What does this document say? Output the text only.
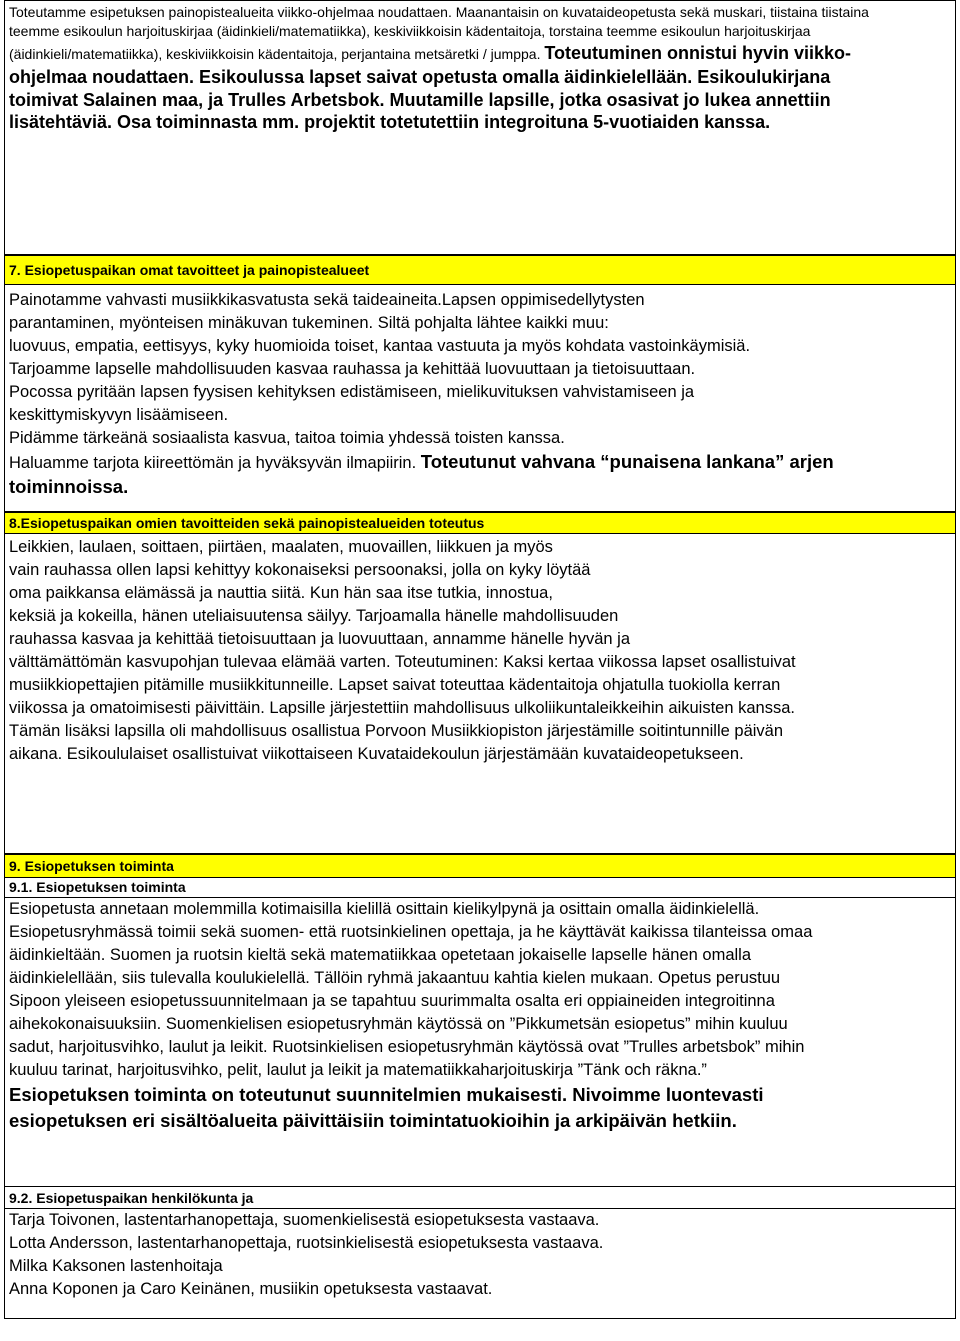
Toteutamme esipetuksen painopistealueita viikko-ohjelmaa noudattaen. Maanantaisin on kuvataideopetusta sekä muskari, tiistaina tiistaina

teemme esikoulun harjoituskirjaa (äidinkieli/matematiikka), keskiviikkoisin kädentaitoja, torstaina teemme esikoulun harjoituskirjaa

(äidinkieli/matematiikka), keskiviikkoisin kädentaitoja, perjantaina metsäretki / jumppa. Toteutuminen onnistui hyvin viikko-

ohjelmaa noudattaen. Esikoulussa lapset saivat opetusta omalla äidinkielellään. Esikoulukirjana

toimivat Salainen maa, ja Trulles Arbetsbok. Muutamille lapsille, jotka osasivat jo lukea annettiin

lisätehtäviä. Osa toiminnasta mm. projektit totetutettiin integroituna 5-vuotiaiden kanssa.

7. Esiopetuspaikan omat tavoitteet ja painopistealueet

Painotamme vahvasti musiikkikasvatusta sekä taideaineita.Lapsen oppimisedellytysten

parantaminen, myönteisen minäkuvan tukeminen. Siltä pohjalta lähtee kaikki muu:

luovuus, empatia, eettisyys, kyky huomioida toiset, kantaa vastuuta ja myös kohdata vastoinkäymisiä.

Tarjoamme lapselle mahdollisuuden kasvaa rauhassa ja kehittää luovuuttaan ja tietoisuuttaan.

Pocossa pyritään lapsen fyysisen kehityksen edistämiseen, mielikuvituksen vahvistamiseen ja

keskittymiskyvyn lisäämiseen.

Pidämme tärkeänä sosiaalista kasvua, taitoa toimia yhdessä toisten kanssa.

Haluamme tarjota kiireettömän ja hyväksyvän ilmapiirin. Toteutunut vahvana “punaisena lankana” arjen

toiminnoissa.

8.Esiopetuspaikan omien tavoitteiden sekä painopistealueiden toteutus

Leikkien, laulaen, soittaen, piirtäen, maalaten, muovaillen, liikkuen ja myös

vain rauhassa ollen lapsi kehittyy kokonaiseksi persoonaksi, jolla on kyky löytää

oma paikkansa elämässä ja nauttia siitä. Kun hän saa itse tutkia, innostua,

keksiä ja kokeilla, hänen uteliaisuutensa säilyy. Tarjoamalla hänelle mahdollisuuden

rauhassa kasvaa ja kehittää tietoisuuttaan ja luovuuttaan, annamme hänelle hyvän ja

välttämättömän kasvupohjan tulevaa elämää varten. Toteutuminen: Kaksi kertaa viikossa lapset osallistuivat

musiikkiopettajien pitämille musiikkitunneille. Lapset saivat toteuttaa kädentaitoja ohjatulla tuokiolla kerran

viikossa ja omatoimisesti päivittäin. Lapsille järjestettiin mahdollisuus ulkoliikuntaleikkeihin aikuisten kanssa.

Tämän lisäksi lapsilla oli mahdollisuus osallistua Porvoon Musiikkiopiston järjestämille soitintunnille päivän

aikana. Esikoululaiset osallistuivat viikottaiseen Kuvataidekoulun järjestämään kuvataideopetukseen.

9. Esiopetuksen toiminta
9.1. Esiopetuksen toiminta

Esiopetusta annetaan molemmilla kotimaisilla kielillä osittain kielikylpynä ja osittain omalla äidinkielellä.

Esiopetusryhmässä toimii sekä suomen- että ruotsinkielinen opettaja, ja he käyttävät kaikissa tilanteissa omaa

äidinkieltään. Suomen ja ruotsin kieltä sekä matematiikkaa opetetaan jokaiselle lapselle hänen omalla

äidinkielellään, siis tulevalla koulukielellä. Tällöin ryhmä jakaantuu kahtia kielen mukaan. Opetus perustuu

Sipoon yleiseen esiopetussuunnitelmaan ja se tapahtuu suurimmalta osalta eri oppiaineiden integroitinna

aihekokonaisuuksiin. Suomenkielisen esiopetusryhmän käytössä on ”Pikkumetsän esiopetus” mihin kuuluu

sadut, harjoitusvihko, laulut ja leikit. Ruotsinkielisen esiopetusryhmän käytössä ovat ”Trulles arbetsbok” mihin

kuuluu tarinat, harjoitusvihko, pelit, laulut ja leikit ja matematiikkaharjoituskirja ”Tänk och räkna.”

Esiopetuksen toiminta on toteutunut suunnitelmien mukaisesti. Nivoimme luontevasti

esiopetuksen eri sisältöalueita päivittäisiin toimintatuokioihin ja arkipäivän hetkiin.

9.2. Esiopetuspaikan henkilökunta ja

Tarja Toivonen, lastentarhanopettaja, suomenkielisestä esiopetuksesta vastaava.

Lotta Andersson, lastentarhanopettaja, ruotsinkielisestä esiopetuksesta vastaava.

Milka Kaksonen lastenhoitaja

Anna Koponen ja Caro Keinänen, musiikin opetuksesta vastaavat.
